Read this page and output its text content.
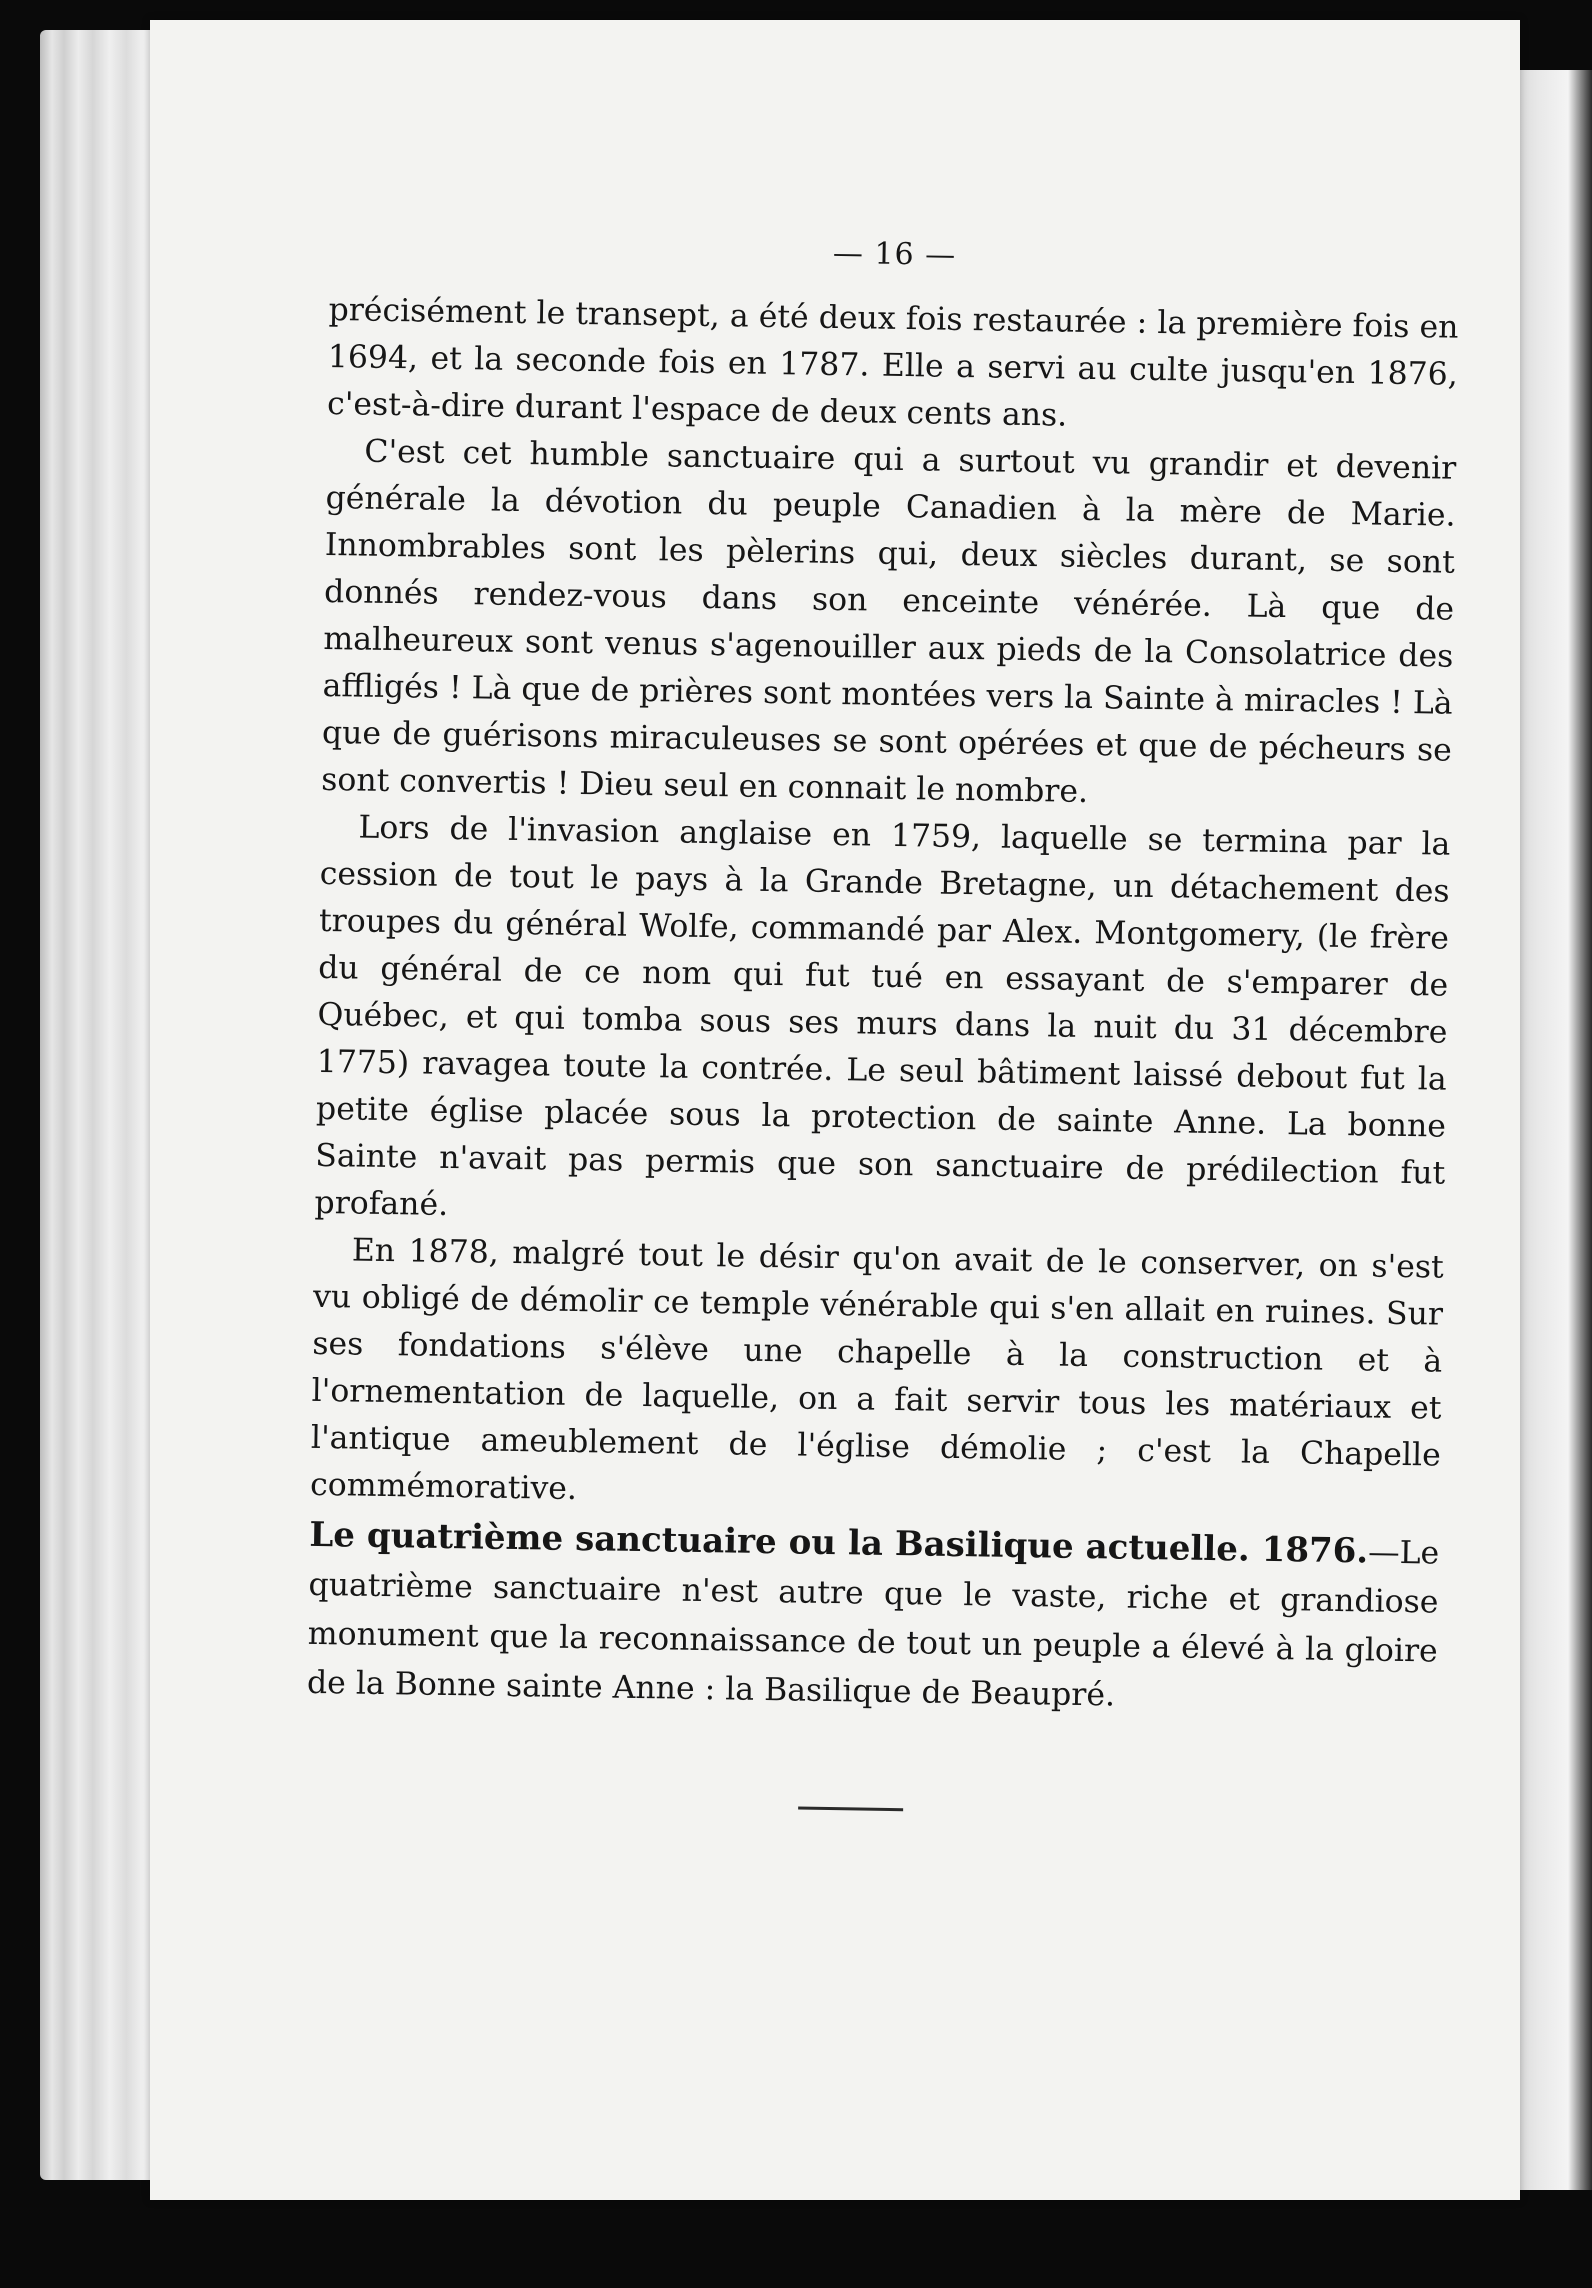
— 16 —

précisément le transept, a été deux fois restaurée : la première fois en 1694, et la seconde fois en 1787. Elle a servi au culte jusqu'en 1876, c'est-à-dire durant l'espace de deux cents ans.

C'est cet humble sanctuaire qui a surtout vu grandir et devenir générale la dévotion du peuple Canadien à la mère de Marie. Innombrables sont les pèlerins qui, deux siècles durant, se sont donnés rendez-vous dans son enceinte vénérée. Là que de malheureux sont venus s'agenouiller aux pieds de la Consolatrice des affligés ! Là que de prières sont montées vers la Sainte à miracles ! Là que de guérisons miraculeuses se sont opérées et que de pécheurs se sont convertis ! Dieu seul en connait le nombre.

Lors de l'invasion anglaise en 1759, laquelle se termina par la cession de tout le pays à la Grande Bretagne, un détachement des troupes du général Wolfe, commandé par Alex. Montgomery, (le frère du général de ce nom qui fut tué en essayant de s'emparer de Québec, et qui tomba sous ses murs dans la nuit du 31 décembre 1775) ravagea toute la contrée. Le seul bâtiment laissé debout fut la petite église placée sous la protection de sainte Anne. La bonne Sainte n'avait pas permis que son sanctuaire de prédilection fut profané.

En 1878, malgré tout le désir qu'on avait de le conserver, on s'est vu obligé de démolir ce temple vénérable qui s'en allait en ruines. Sur ses fondations s'élève une chapelle à la construction et à l'ornementation de laquelle, on a fait servir tous les matériaux et l'antique ameublement de l'église démolie ; c'est la Chapelle commémorative.

Le quatrième sanctuaire ou la Basilique actuelle. 1876.—Le quatrième sanctuaire n'est autre que le vaste, riche et grandiose monument que la reconnaissance de tout un peuple a élevé à la gloire de la Bonne sainte Anne : la Basilique de Beaupré.
